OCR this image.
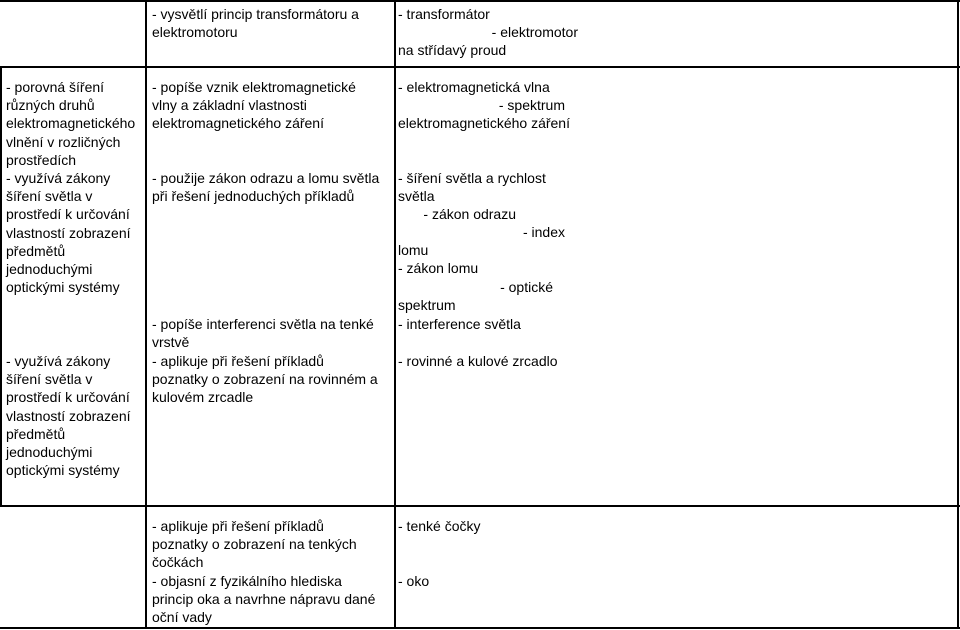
- porovná šíření
různých druhů
elektromagnetického
vlnění v rozličných
prostředích
- využívá zákony
šíření světla v
prostředí k určování
vlastností zobrazení
předmětů
jednoduchými
optickými systémy
- využívá zákony
šíření světla v
prostředí k určování
vlastností zobrazení
předmětů
jednoduchými
optickými systémy
- vysvětlí princip transformátoru a
elektromotoru
- popíše vznik elektromagnetické
vlny a základní vlastnosti
elektromagnetického záření
- použije zákon odrazu a lomu světla
při řešení jednoduchých příkladů
- popíše interferenci světla na tenké
vrstvě
- aplikuje při řešení příkladů
poznatky o zobrazení na rovinném a
kulovém zrcadle
- aplikuje při řešení příkladů
poznatky o zobrazení na tenkých
čočkách
- objasní z fyzikálního hlediska
princip oka a navrhne nápravu dané
oční vady
- transformátor
- elektromotor
na střídavý proud
- elektromagnetická vlna
- spektrum
elektromagnetického záření
- šíření světla a rychlost
světla
- zákon odrazu
- index
lomu
- zákon lomu
- optické
spektrum
- interference světla
- rovinné a kulové zrcadlo
- tenké čočky
- oko
